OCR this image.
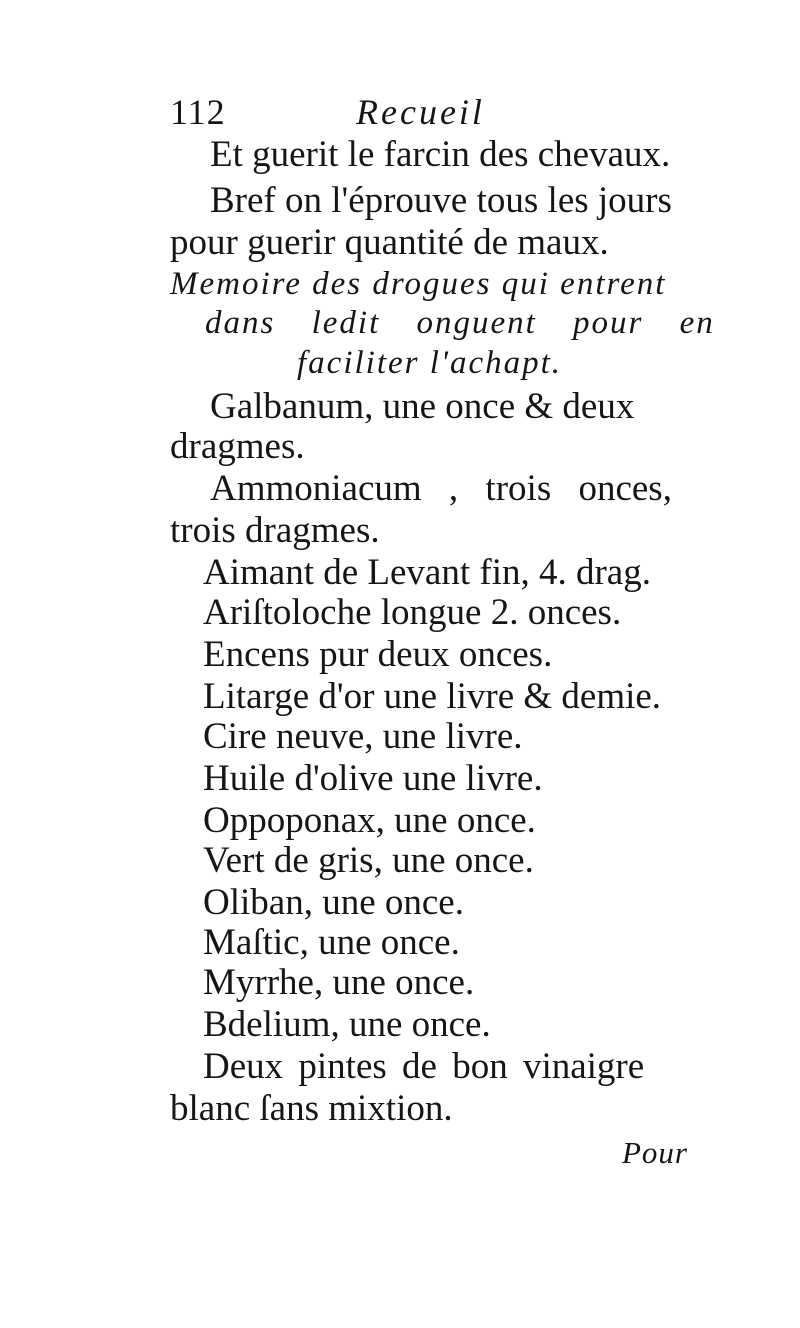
112	Recueil
Et guerit le farcin des chevaux.
Bref on l'éprouve tous les jours
pour guerir quantité de maux.
Memoire des drogues qui entrent
dans ledit onguent pour en
faciliter l'achapt.
Galbanum, une once & deux
dragmes.
Ammoniacum , trois onces,
trois dragmes.
Aimant de Levant fin, 4. drag.
Ariſtoloche longue 2. onces.
Encens pur deux onces.
Litarge d'or une livre & demie.
Cire neuve, une livre.
Huile d'olive une livre.
Oppoponax, une once.
Vert de gris, une once.
Oliban, une once.
Maſtic, une once.
Myrrhe, une once.
Bdelium, une once.
Deux pintes de bon vinaigre
blanc ſans mixtion.
Pour
